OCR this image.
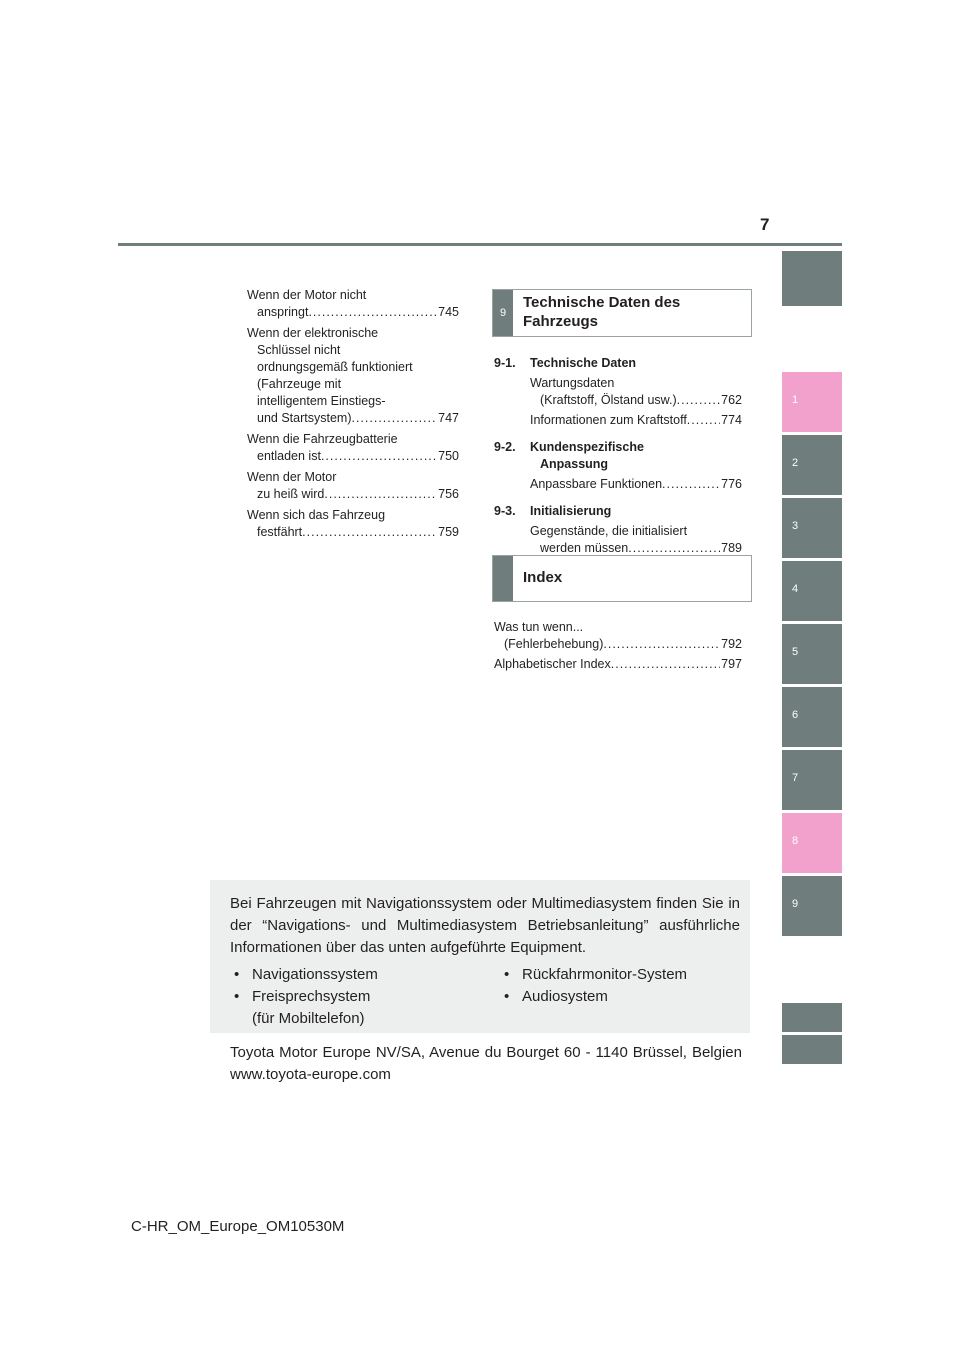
7
Wenn der Motor nicht
anspringt .....	745
Wenn der elektronische
Schlüssel nicht
ordnungsgemäß funktioniert
(Fahrzeuge mit
intelligentem Einstiegs-
und Startsystem) .....	747
Wenn die Fahrzeugbatterie
entladen ist .....	750
Wenn der Motor
zu heiß wird .....	756
Wenn sich das Fahrzeug
festfährt .....	759
9
Technische Daten des Fahrzeugs
9-1.	Technische Daten
Wartungsdaten
(Kraftstoff, Ölstand usw.) .....	762
Informationen zum Kraftstoff .....	774
9-2.	Kundenspezifische
Anpassung
Anpassbare Funktionen .....	776
9-3.	Initialisierung
Gegenstände, die initialisiert
werden müssen .....	789
Index
Was tun wenn...
(Fehlerbehebung) .....	792
Alphabetischer Index .....	797
1
2
3
4
5
6
7
8
9
Bei Fahrzeugen mit Navigationssystem oder Multimediasystem finden Sie in der “Navigations- und Multimediasystem Betriebsanleitung” ausführliche Informationen über das unten aufgeführte Equipment.
• Navigationssystem
• Freisprechsystem
(für Mobiltelefon)
• Rückfahrmonitor-System
• Audiosystem
Toyota Motor Europe NV/SA, Avenue du Bourget 60 - 1140 Brüssel, Belgien www.toyota-europe.com
C-HR_OM_Europe_OM10530M
